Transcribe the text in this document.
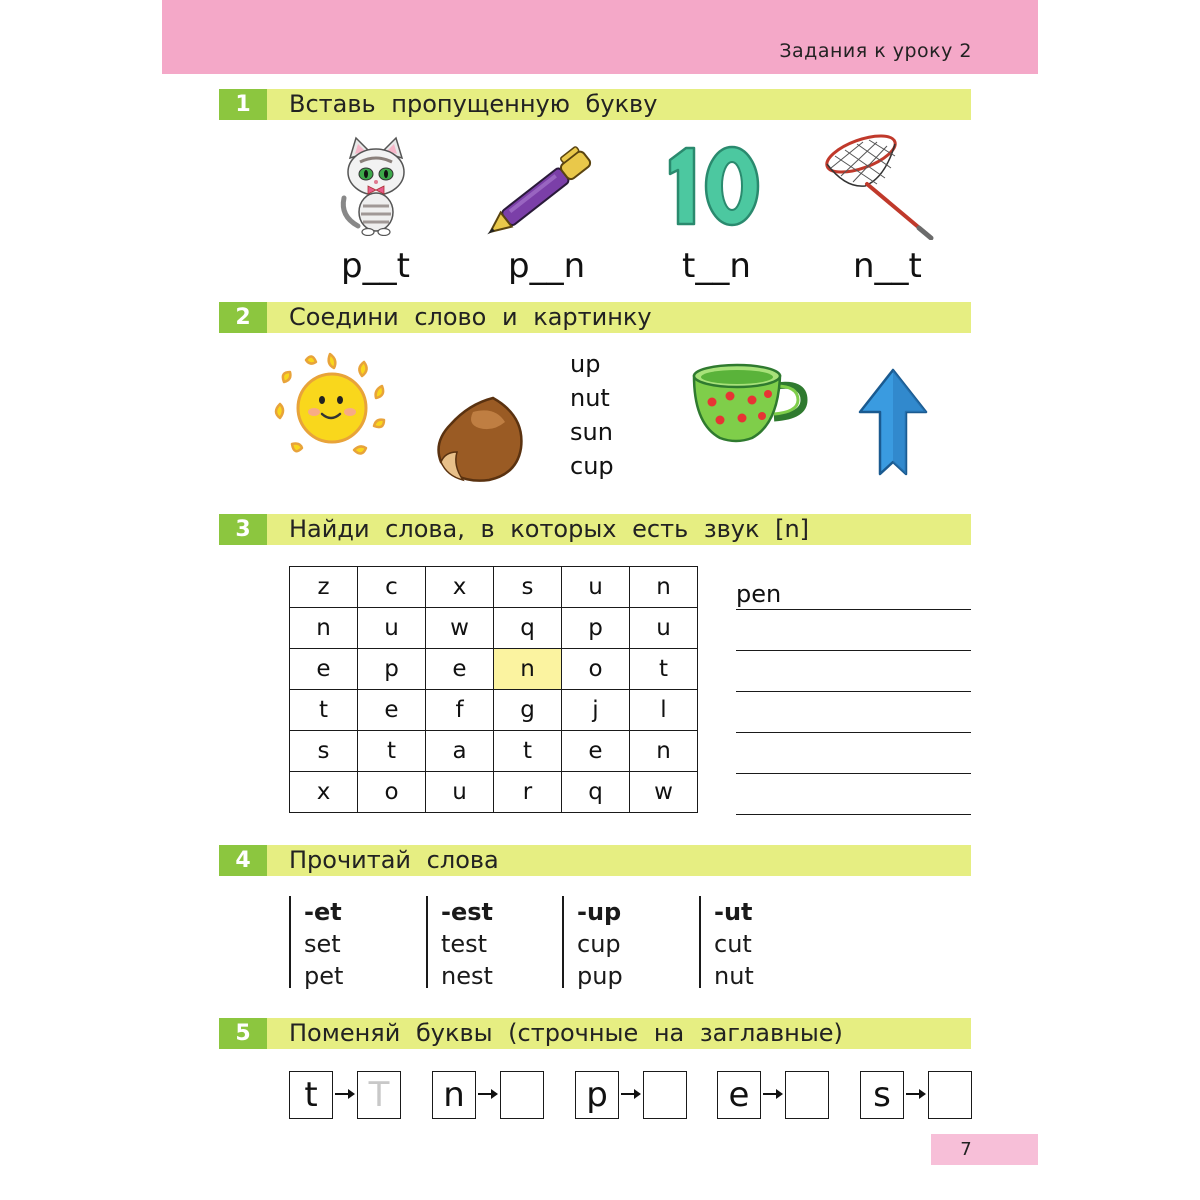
Задания к уроку 2
1	Вставь пропущенную букву
p__t	p__n	t__n	n__t
2	Соедини слово и картинку
up
nut
sun
cup
3	Найди слова, в которых есть звук [n]
z	c	x	s	u	n
n	u	w	q	p	u
e	p	e	n	o	t
t	e	f	g	j	l
s	t	a	t	e	n
x	o	u	r	q	w
pen
4	Прочитай слова
-et
set
pet
-est
test
nest
-up
cup
pup
-ut
cut
nut
5	Поменяй буквы (строчные на заглавные)
t	T	n	p	e	s
7
